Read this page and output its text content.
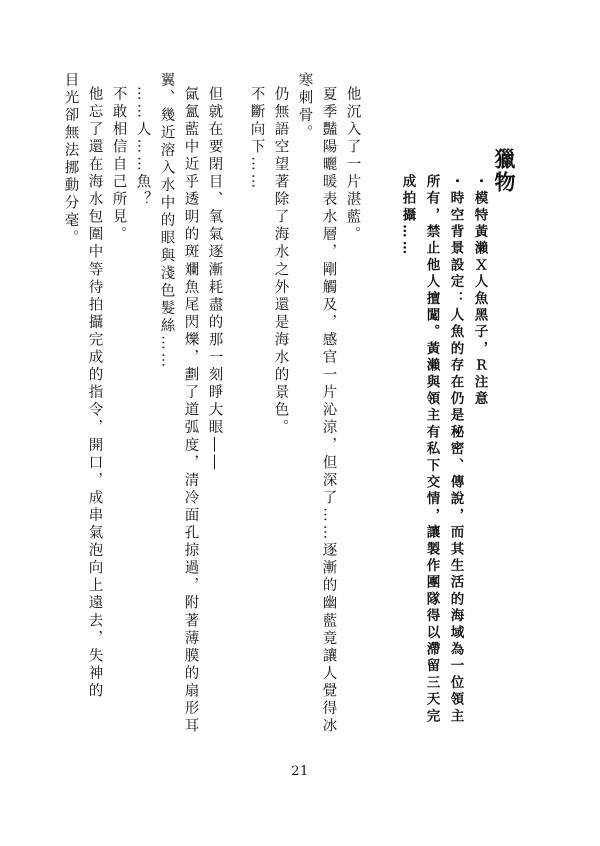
獵物
・模特黃瀨Ｘ人魚黑子，Ｒ注意
・時空背景設定：人魚的存在仍是秘密、傳說，而其生活的海域為一位領主
所有，禁止他人擅闖。黃瀨與領主有私下交情，讓製作團隊得以滯留三天完
成拍攝……
他沉入了一片湛藍。
夏季豔陽曬暖表水層，剛觸及，感官一片沁涼，但深了……逐漸的幽藍竟讓人覺得冰
寒刺骨。
仍無語空望著除了海水之外還是海水的景色。
不斷向下……
但就在要閉目、氧氣逐漸耗盡的那一刻睜大眼――
氤氳藍中近乎透明的斑斕魚尾閃爍，劃了道弧度，清冷面孔掠過，附著薄膜的扇形耳
翼、幾近溶入水中的眼與淺色髮絲……
……人……魚？
不敢相信自己所見。
他忘了還在海水包圍中等待拍攝完成的指令，開口，成串氣泡向上遠去，失神的
目光卻無法挪動分毫。
21
